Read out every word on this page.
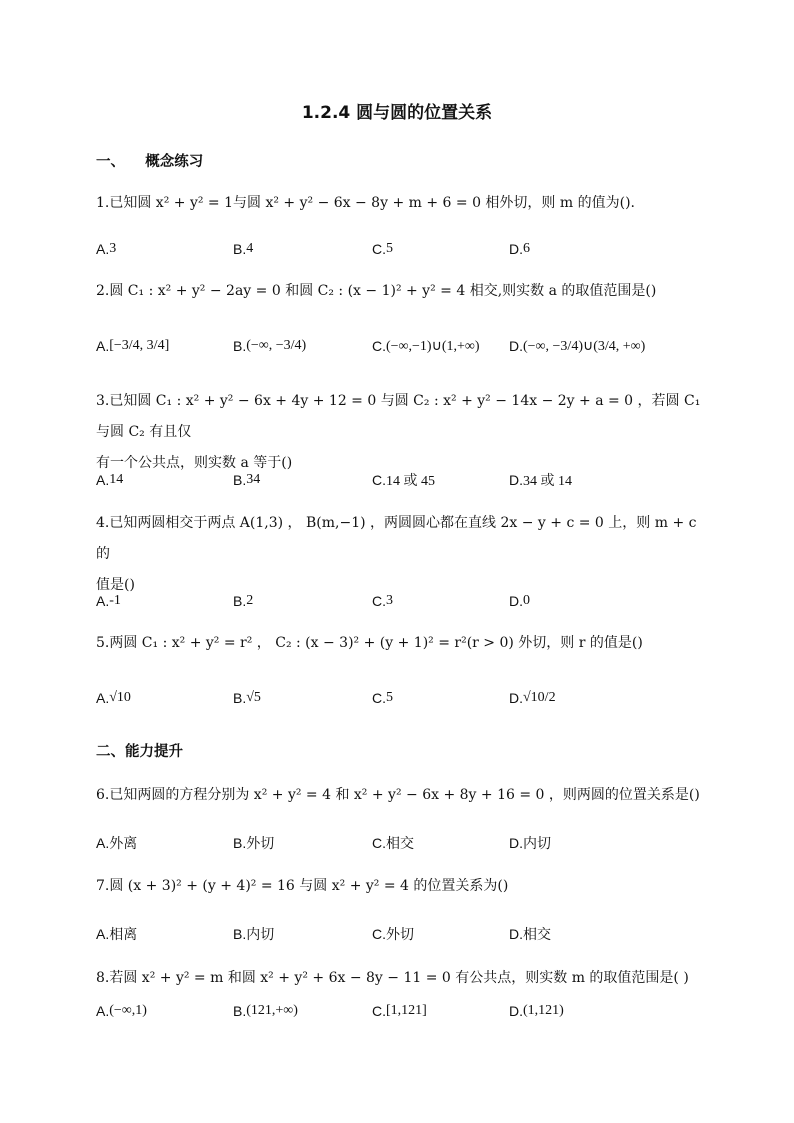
1.2.4 圆与圆的位置关系
一、    概念练习
1.已知圆 x² + y² = 1与圆 x² + y² − 6x − 8y + m + 6 = 0 相外切，则 m 的值为().
A. 3	B. 4	C. 5	D. 6
2.圆 C₁ : x² + y² − 2ay = 0 和圆 C₂ : (x − 1)² + y² = 4 相交,则实数 a 的取值范围是()
A. [−3/4, 3/4]	B. (−∞, −3/4)	C. (−∞,−1)∪(1,+∞) D. (−∞, −3/4)∪(3/4, +∞)
3.已知圆 C₁ : x² + y² − 6x + 4y + 12 = 0 与圆 C₂ : x² + y² − 14x − 2y + a = 0 ，若圆 C₁ 与圆 C₂ 有且仅
有一个公共点，则实数 a 等于()
A. 14	B. 34	C. 14 或 45	D. 34 或 14
4.已知两圆相交于两点 A(1,3) ， B(m,−1) ，两圆圆心都在直线 2x − y + c = 0 上，则 m + c 的
值是()
A. -1	B. 2	C. 3	D. 0
5.两圆 C₁ : x² + y² = r² ， C₂ : (x − 3)² + (y + 1)² = r²(r > 0) 外切，则 r 的值是()
A. √10	B. √5	C. 5	D. √10/2
二、能力提升
6.已知两圆的方程分别为 x² + y² = 4 和 x² + y² − 6x + 8y + 16 = 0 ，则两圆的位置关系是()
A. 外离	B. 外切	C. 相交	D. 内切
7.圆 (x + 3)² + (y + 4)² = 16 与圆 x² + y² = 4 的位置关系为()
A. 相离	B. 内切	C. 外切	D. 相交
8.若圆 x² + y² = m 和圆 x² + y² + 6x − 8y − 11 = 0 有公共点，则实数 m 的取值范围是( )
A. (−∞,1)	B. (121,+∞)	C. [1,121]	D. (1,121)
